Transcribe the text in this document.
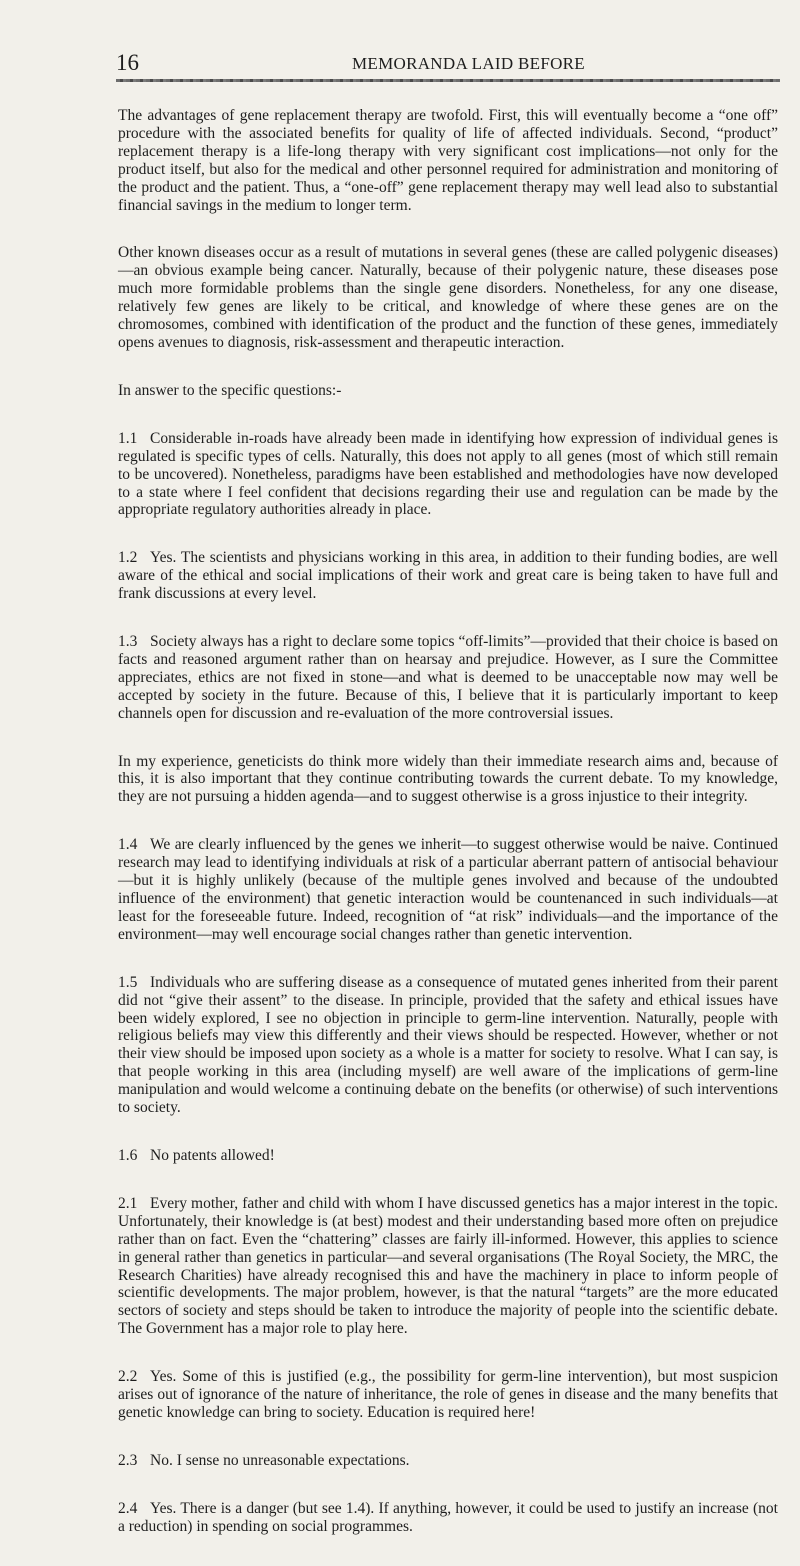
16	MEMORANDA LAID BEFORE

The advantages of gene replacement therapy are twofold. First, this will eventually become a “one off” procedure with the associated benefits for quality of life of affected individuals. Second, “product” replacement therapy is a life-long therapy with very significant cost implications—not only for the product itself, but also for the medical and other personnel required for administration and monitoring of the product and the patient. Thus, a “one-off” gene replacement therapy may well lead also to substantial financial savings in the medium to longer term.

Other known diseases occur as a result of mutations in several genes (these are called polygenic diseases)—an obvious example being cancer. Naturally, because of their polygenic nature, these diseases pose much more formidable problems than the single gene disorders. Nonetheless, for any one disease, relatively few genes are likely to be critical, and knowledge of where these genes are on the chromosomes, combined with identification of the product and the function of these genes, immediately opens avenues to diagnosis, risk-assessment and therapeutic interaction.

In answer to the specific questions:-

1.1 Considerable in-roads have already been made in identifying how expression of individual genes is regulated is specific types of cells. Naturally, this does not apply to all genes (most of which still remain to be uncovered). Nonetheless, paradigms have been established and methodologies have now developed to a state where I feel confident that decisions regarding their use and regulation can be made by the appropriate regulatory authorities already in place.

1.2 Yes. The scientists and physicians working in this area, in addition to their funding bodies, are well aware of the ethical and social implications of their work and great care is being taken to have full and frank discussions at every level.

1.3 Society always has a right to declare some topics “off-limits”—provided that their choice is based on facts and reasoned argument rather than on hearsay and prejudice. However, as I sure the Committee appreciates, ethics are not fixed in stone—and what is deemed to be unacceptable now may well be accepted by society in the future. Because of this, I believe that it is particularly important to keep channels open for discussion and re-evaluation of the more controversial issues.

In my experience, geneticists do think more widely than their immediate research aims and, because of this, it is also important that they continue contributing towards the current debate. To my knowledge, they are not pursuing a hidden agenda—and to suggest otherwise is a gross injustice to their integrity.

1.4 We are clearly influenced by the genes we inherit—to suggest otherwise would be naive. Continued research may lead to identifying individuals at risk of a particular aberrant pattern of antisocial behaviour—but it is highly unlikely (because of the multiple genes involved and because of the undoubted influence of the environment) that genetic interaction would be countenanced in such individuals—at least for the foreseeable future. Indeed, recognition of “at risk” individuals—and the importance of the environment—may well encourage social changes rather than genetic intervention.

1.5 Individuals who are suffering disease as a consequence of mutated genes inherited from their parent did not “give their assent” to the disease. In principle, provided that the safety and ethical issues have been widely explored, I see no objection in principle to germ-line intervention. Naturally, people with religious beliefs may view this differently and their views should be respected. However, whether or not their view should be imposed upon society as a whole is a matter for society to resolve. What I can say, is that people working in this area (including myself) are well aware of the implications of germ-line manipulation and would welcome a continuing debate on the benefits (or otherwise) of such interventions to society.

1.6 No patents allowed!

2.1 Every mother, father and child with whom I have discussed genetics has a major interest in the topic. Unfortunately, their knowledge is (at best) modest and their understanding based more often on prejudice rather than on fact. Even the “chattering” classes are fairly ill-informed. However, this applies to science in general rather than genetics in particular—and several organisations (The Royal Society, the MRC, the Research Charities) have already recognised this and have the machinery in place to inform people of scientific developments. The major problem, however, is that the natural “targets” are the more educated sectors of society and steps should be taken to introduce the majority of people into the scientific debate. The Government has a major role to play here.

2.2 Yes. Some of this is justified (e.g., the possibility for germ-line intervention), but most suspicion arises out of ignorance of the nature of inheritance, the role of genes in disease and the many benefits that genetic knowledge can bring to society. Education is required here!

2.3 No. I sense no unreasonable expectations.

2.4 Yes. There is a danger (but see 1.4). If anything, however, it could be used to justify an increase (not a reduction) in spending on social programmes.
